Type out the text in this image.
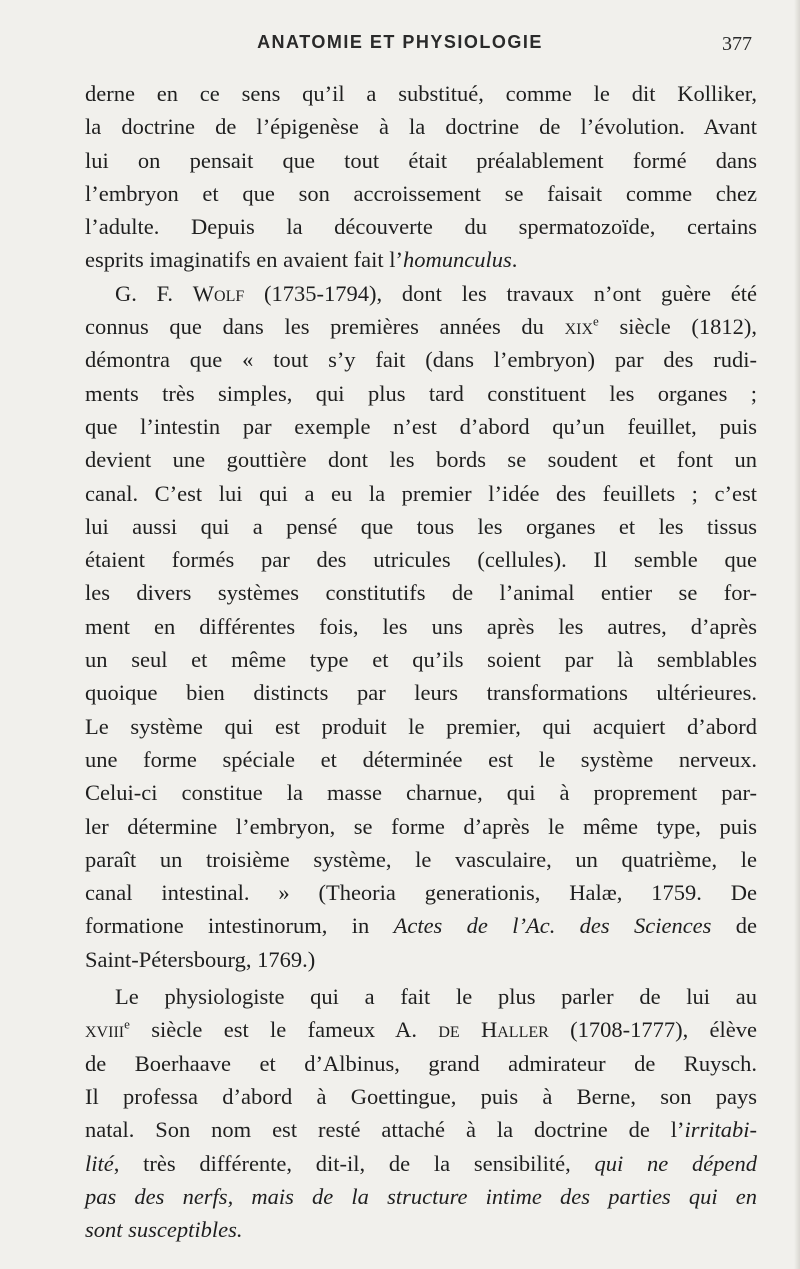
ANATOMIE ET PHYSIOLOGIE	377
derne en ce sens qu’il a substitué, comme le dit Kolliker,
la doctrine de l’épigenèse à la doctrine de l’évolution. Avant
lui on pensait que tout était préalablement formé dans
l’embryon et que son accroissement se faisait comme chez
l’adulte. Depuis la découverte du spermatozoïde, certains
esprits imaginatifs en avaient fait l’homunculus.
G. F. Wolf (1735-1794), dont les travaux n’ont guère été
connus que dans les premières années du xix$^e$ siècle (1812),
démontra que « tout s’y fait (dans l’embryon) par des rudi-
ments très simples, qui plus tard constituent les organes ;
que l’intestin par exemple n’est d’abord qu’un feuillet, puis
devient une gouttière dont les bords se soudent et font un
canal. C’est lui qui a eu la premier l’idée des feuillets ; c’est
lui aussi qui a pensé que tous les organes et les tissus
étaient formés par des utricules (cellules). Il semble que
les divers systèmes constitutifs de l’animal entier se for-
ment en différentes fois, les uns après les autres, d’après
un seul et même type et qu’ils soient par là semblables
quoique bien distincts par leurs transformations ultérieures.
Le système qui est produit le premier, qui acquiert d’abord
une forme spéciale et déterminée est le système nerveux.
Celui-ci constitue la masse charnue, qui à proprement par-
ler détermine l’embryon, se forme d’après le même type, puis
paraît un troisième système, le vasculaire, un quatrième, le
canal intestinal. » (Theoria generationis, Halæ, 1759. De
formatione intestinorum, in Actes de l’Ac. des Sciences de
Saint-Pétersbourg, 1769.)
Le physiologiste qui a fait le plus parler de lui au
xviii$^e$ siècle est le fameux A. de Haller (1708-1777), élève
de Boerhaave et d’Albinus, grand admirateur de Ruysch.
Il professa d’abord à Goettingue, puis à Berne, son pays
natal. Son nom est resté attaché à la doctrine de l’irritabi-
lité, très différente, dit-il, de la sensibilité, qui ne dépend
pas des nerfs, mais de la structure intime des parties qui en
sont susceptibles.
